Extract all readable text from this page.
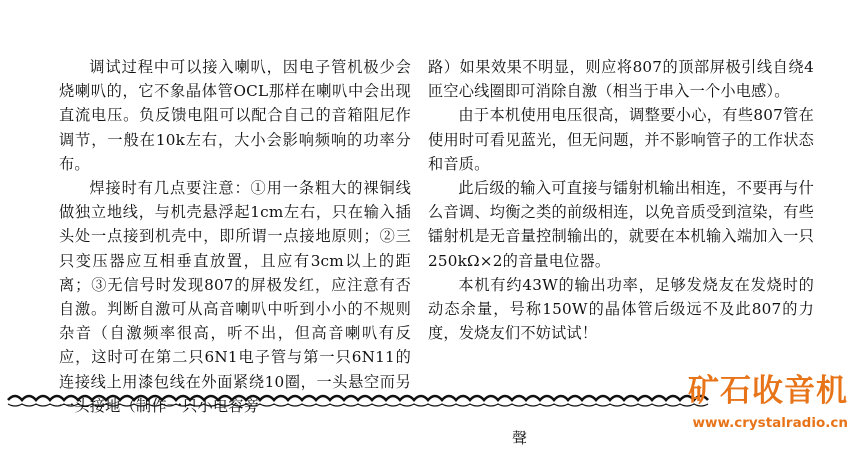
调试过程中可以接入喇叭，因电子管机极少会烧喇叭的，它不象晶体管OCL那样在喇叭中会出现直流电压。负反馈电阻可以配合自己的音箱阻尼作调节，一般在10k左右，大小会影响频响的功率分布。

焊接时有几点要注意：①用一条粗大的裸铜线做独立地线，与机壳悬浮起1cm左右，只在输入插头处一点接到机壳中，即所谓一点接地原则；②三只变压器应互相垂直放置，且应有3cm以上的距离；③无信号时发现807的屏极发红，应注意有否自激。判断自激可从高音喇叭中听到小小的不规则杂音（自激频率很高，听不出，但高音喇叭有反应，这时可在第二只6N1电子管与第一只6N11的连接线上用漆包线在外面紧绕10圈，一头悬空而另一头接地（制作一只小电容旁

路）如果效果不明显，则应将807的顶部屏极引线自绕4匝空心线圈即可消除自激（相当于串入一个小电感）。

由于本机使用电压很高，调整要小心，有些807管在使用时可看见蓝光，但无问题，并不影响管子的工作状态和音质。

此后级的输入可直接与镭射机输出相连，不要再与什么音调、均衡之类的前级相连，以免音质受到渲染，有些镭射机是无音量控制输出的，就要在本机输入端加入一只250kΩ×2的音量电位器。

本机有约43W的输出功率，足够发烧友在发烧时的动态余量，号称150W的晶体管后级远不及此807的力度，发烧友们不妨试试！

矿石收音机
www.crystalradio.cn
聲
